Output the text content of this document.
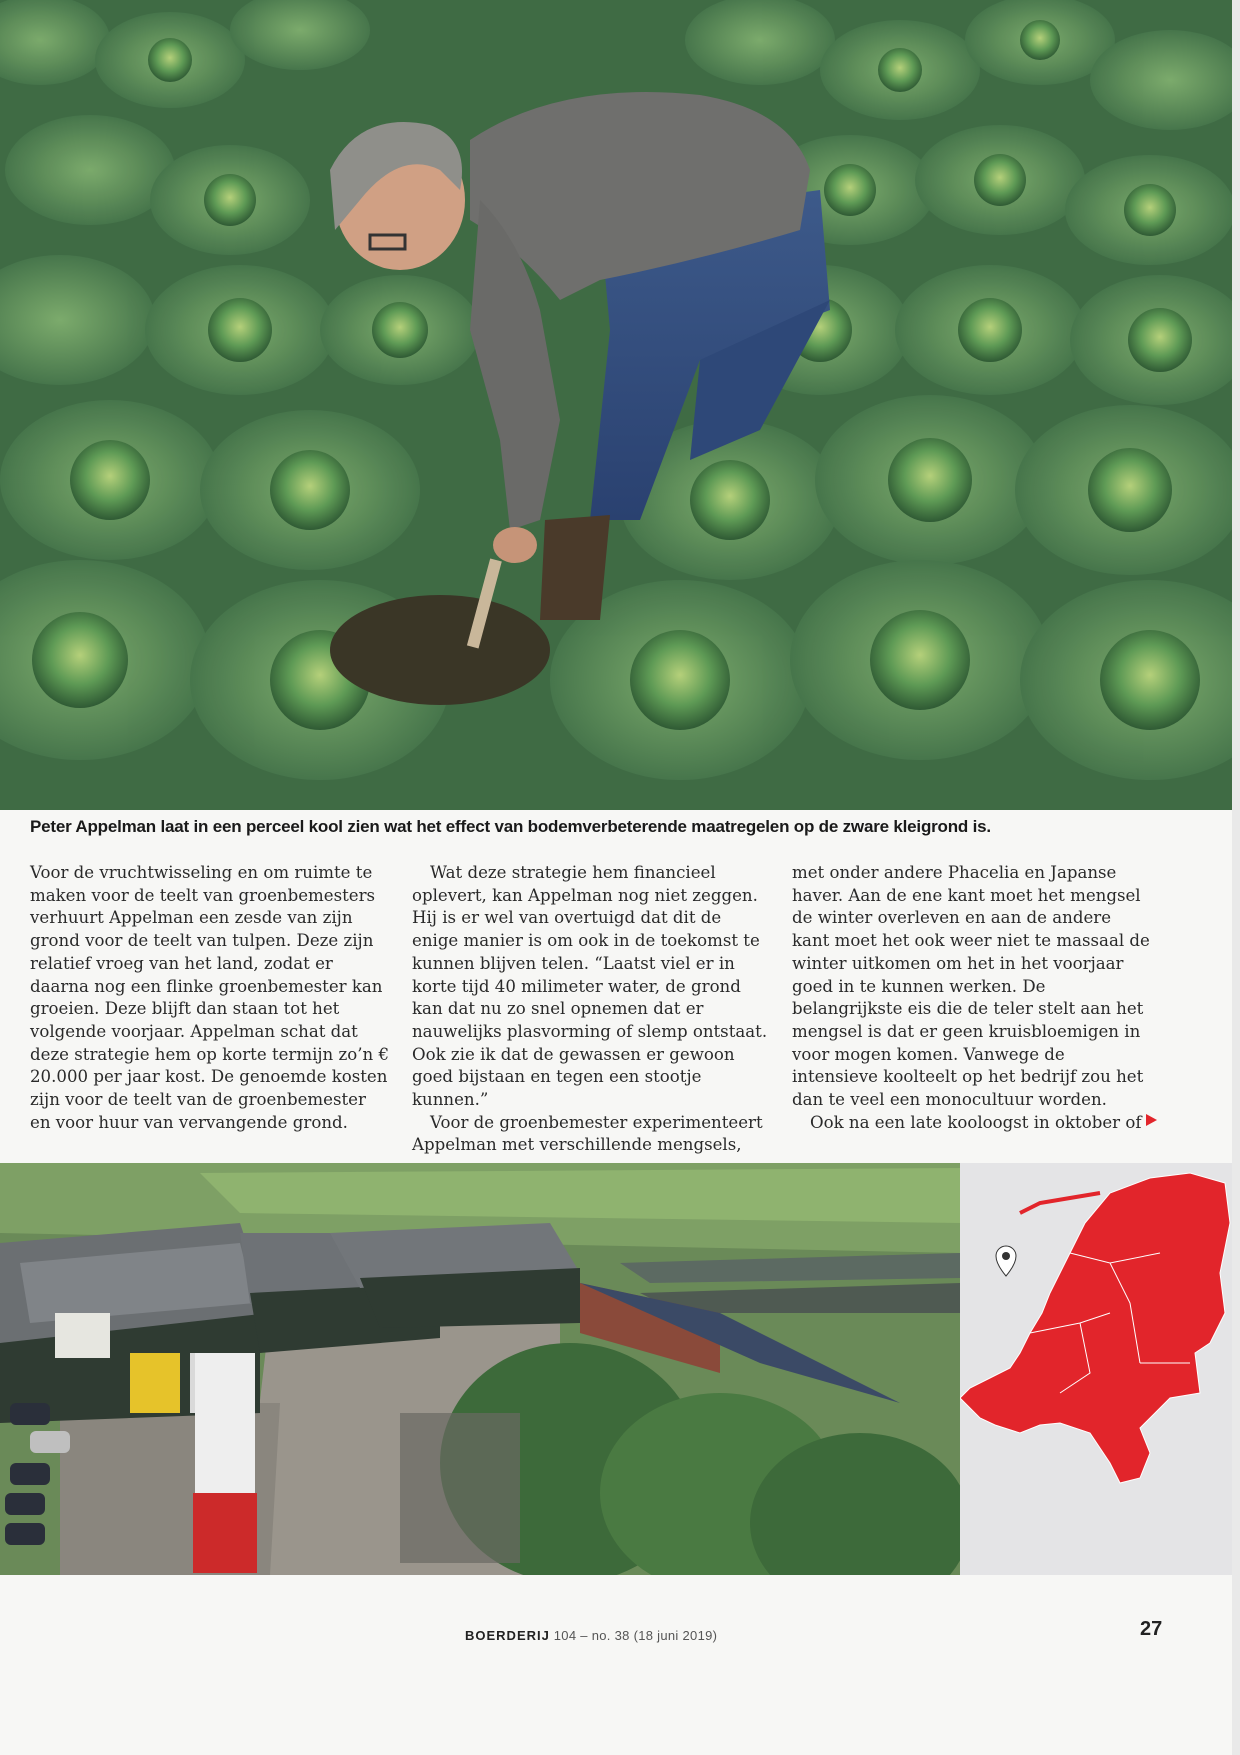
Peter Appelman laat in een perceel kool zien wat het effect van bodemverbeterende maatregelen op de zware kleigrond is.

Voor de vruchtwisseling en om ruimte te maken voor de teelt van groenbemesters verhuurt Appelman een zesde van zijn grond voor de teelt van tulpen. Deze zijn relatief vroeg van het land, zodat er daarna nog een flinke groenbemester kan groeien. Deze blijft dan staan tot het volgende voorjaar. Appelman schat dat deze strategie hem op korte termijn zo’n € 20.000 per jaar kost. De genoemde kosten zijn voor de teelt van de groenbemester en voor huur van vervangende grond.

Wat deze strategie hem financieel oplevert, kan Appelman nog niet zeggen. Hij is er wel van overtuigd dat dit de enige manier is om ook in de toekomst te kunnen blijven telen. “Laatst viel er in korte tijd 40 milimeter water, de grond kan dat nu zo snel opnemen dat er nauwelijks plasvorming of slemp ontstaat. Ook zie ik dat de gewassen er gewoon goed bijstaan en tegen een stootje kunnen.”

Voor de groenbemester experimenteert Appelman met verschillende mengsels,

met onder andere Phacelia en Japanse haver. Aan de ene kant moet het mengsel de winter overleven en aan de andere kant moet het ook weer niet te massaal de winter uitkomen om het in het voorjaar goed in te kunnen werken. De belangrijkste eis die de teler stelt aan het mengsel is dat er geen kruisbloemigen in voor mogen komen. Vanwege de intensieve koolteelt op het bedrijf zou het dan te veel een monocultuur worden.

Ook na een late kooloogst in oktober of

BOERDERIJ 104 – no. 38 (18 juni 2019)	27
